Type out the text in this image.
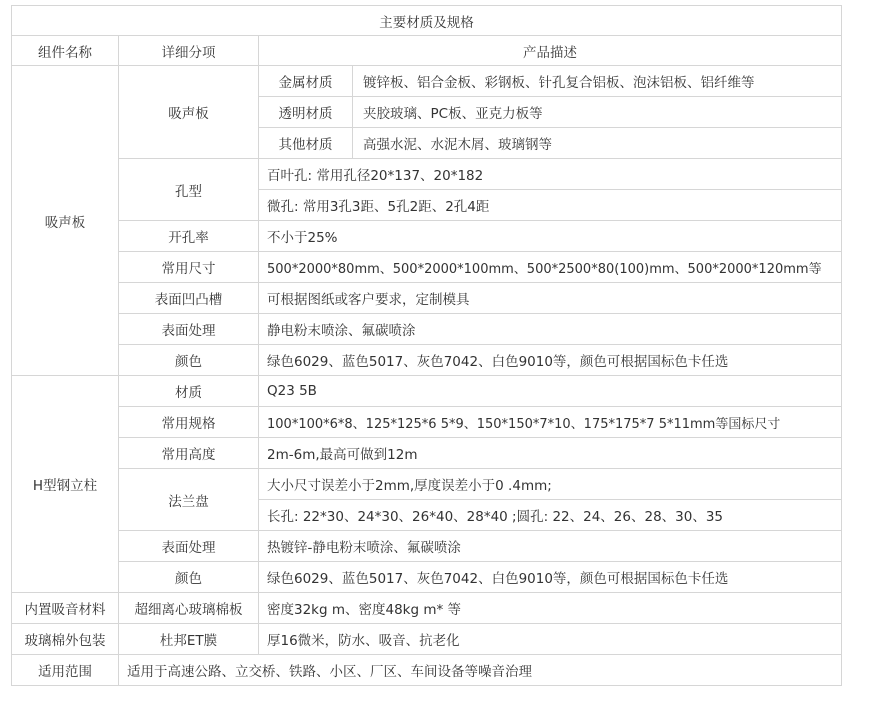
主要材质及规格			
组件名称	详细分项	产品描述	
吸声板	吸声板	金属材质	镀锌板、铝合金板、彩钢板、针孔复合铝板、泡沫铝板、铝纤维等
		透明材质	夹胶玻璃、PC板、亚克力板等
		其他材质	高强水泥、水泥木屑、玻璃钢等
	孔型	百叶孔: 常用孔径20*137、20*182	
		微孔: 常用3孔3距、5孔2距、2孔4距	
	开孔率	不小于25%	
	常用尺寸	500*2000*80mm、500*2000*100mm、500*2500*80(100)mm、500*2000*120mm等	
	表面凹凸槽	可根据图纸或客户要求，定制模具	
	表面处理	静电粉末喷涂、氟碳喷涂	
	颜色	绿色6029、蓝色5017、灰色7042、白色9010等，颜色可根据国标色卡任选	
H型钢立柱	材质	Q23 5B	
	常用规格	100*100*6*8、125*125*6 5*9、150*150*7*10、175*175*7 5*11mm等国标尺寸	
	常用高度	2m-6m,最高可做到12m	
	法兰盘	大小尺寸误差小于2mm,厚度误差小于0 .4mm;	
		长孔: 22*30、24*30、26*40、28*40 ;圆孔: 22、24、26、28、30、35	
	表面处理	热镀锌-静电粉末喷涂、氟碳喷涂	
	颜色	绿色6029、蓝色5017、灰色7042、白色9010等，颜色可根据国标色卡任选	
内置吸音材料	超细离心玻璃棉板	密度32kg m、密度48kg m* 等	
玻璃棉外包装	杜邦ET膜	厚16微米，防水、吸音、抗老化	
适用范围	适用于高速公路、立交桥、铁路、小区、厂区、车间设备等噪音治理		
